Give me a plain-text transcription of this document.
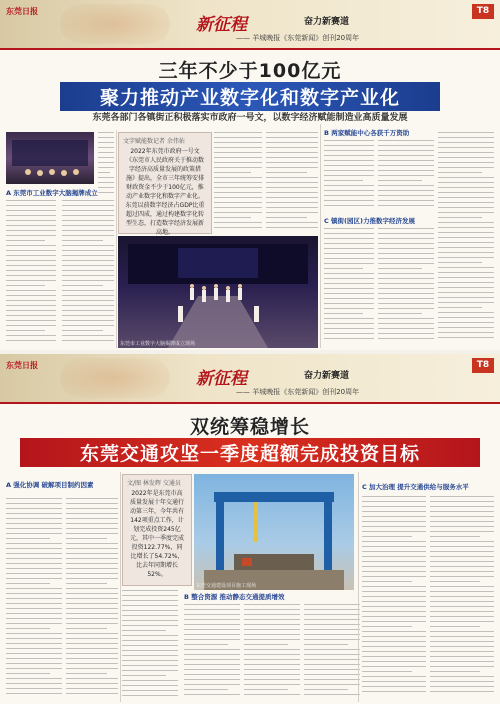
东莞日报
新征程	奋力新赛道
—— 羊城晚报《东莞新闻》创刊20周年
T8
三年不少于100亿元
聚力推动产业数字化和数字产业化
东莞各部门各镇街正积极落实市政府一号文，以数字经济赋能制造业高质量发展
A 东莞市工业数字大脑揭牌成立
文字赋能数记者 余伟佑
2022年东莞市政府一号文《东莞市人民政府关于推动数字经济高质量发展的政策措施》提出，全市三年统筹安排财政资金不少于100亿元，推动产业数字化和数字产业化。东莞以前数字经济占GDP比重超过四成，通过构建数字化转型生态，打造数字经济发展新高地。
东莞市工业数字大脑揭牌成立现场
B 两家赋能中心各获千万资助
C 镇街(园区)力推数字经济发展
东莞日报
新征程	奋力新赛道
—— 羊城晚报《东莞新闻》创刊20周年
T8
双统筹稳增长
东莞交通攻坚一季度超额完成投资目标
A 强化协调 破解项目制约因素	文/图 林发辉 交通员
2022年是东莞市高质量发展十年交通行动第三年，今年共有142项重点工作，计划完成投资245亿元，其中一季度完成投资122.77%，同比增长了54.72%，比去年同期增长52%。
东莞交通建设项目施工现场
B 整合资源 推动静态交通提质增效
C 加大治理 提升交通供给与服务水平
